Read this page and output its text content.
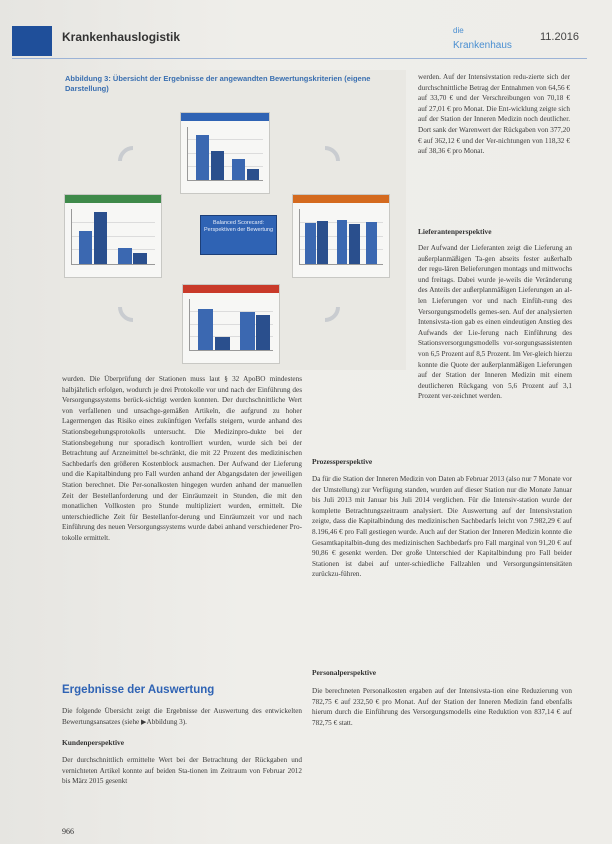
Krankenhauslogistik	die
Krankenhaus
11.2016
Abbildung 3: Übersicht der Ergebnisse der angewandten Bewertungskriterien (eigene Darstellung)
Balanced Scorecard: Perspektiven der Bewertung
werden. Auf der Intensivstation redu-zierte sich der durchschnittliche Betrag der Entnahmen von 64,56 € auf 33,70 € und der Verschreibungen von 70,18 € auf 27,01 € pro Monat. Die Ent-wicklung zeigte sich auf der Station der Inneren Medizin noch deutlicher. Dort sank der Warenwert der Rückgaben von 377,20 € auf 362,12 € und der Ver-nichtungen von 118,32 € auf 38,36 € pro Monat.
Lieferantenperspektive
Der Aufwand der Lieferanten zeigt die Lieferung an außerplanmäßigen Ta-gen abseits fester außerhalb der regu-lären Belieferungen montags und mittwochs und freitags. Dabei wurde je-weils die Veränderung des Anteils der außerplanmäßigen Lieferungen an al-len Lieferungen vor und nach Einfüh-rung des Versorgungsmodells gemes-sen. Auf der analysierten Intensivsta-tion gab es einen eindeutigen Anstieg des Aufwands der Lie-ferung nach Einführung des Stationsversorgungsmodells vor-sorgungsassistenten von 6,5 Prozent auf 8,5 Prozent. Im Ver-gleich hierzu konnte die Quote der außerplanmäßigen Lieferungen auf der Station der Inneren Medizin mit einem deutlicheren Rückgang von 5,6 Prozent auf 3,1 Prozent ver-zeichnet werden.
wurden. Die Überprüfung der Stationen muss laut § 32 ApoBO mindestens halbjährlich erfolgen, wodurch je drei Protokolle vor und nach der Einführung des Versorgungssystems berück-sichtigt werden konnten. Der durchschnittliche Wert von verfallenen und unsachge-gemäßen Artikeln, die aufgrund zu hoher Lagermengen das Risiko eines zukünftigen Verfalls steigern, wurde anhand des Stationsbegehungsprotokolls untersucht. Die Medizinpro-dukte bei der Stationsbegehung nur sporadisch kontrolliert wurden, wurde sich bei der Betrachtung auf Arzneimittel be-schränkt, die mit 22 Prozent des medizinischen Sachbedarfs den größeren Kostenblock ausmachen. Der Aufwand der Lieferung und die Kapitalbindung pro Fall wurden anhand der Abgangsdaten der jeweiligen Station berechnet. Die Per-sonalkosten hingegen wurden anhand der manuellen Zeit der Bestellanforderung und der Einräumzeit in Stunden, die mit den monatlichen Vollkosten pro Stunde multipliziert wurden, ermittelt. Die unterschiedliche Zeit für Bestellanfor-derung und Einräumzeit vor und nach Einführung des neuen Versorgungssystems wurde dabei anhand verschiedener Pro-tokolle ermittelt.
Prozessperspektive
Da für die Station der Inneren Medizin von Daten ab Februar 2013 (also nur 7 Monate vor der Umstellung) zur Verfügung standen, wurden auf dieser Station nur die Monate Januar bis Juli 2013 mit Januar bis Juli 2014 verglichen. Für die Intensiv-station wurde der komplette Betrachtungszeitraum analysiert. Die Auswertung auf der Intensivstation zeigte, dass die Kapitalbindung des medizinischen Sachbedarfs leicht von 7.982,29 € auf 8.196,46 € pro Fall gestiegen wurde. Auch auf der Station der Inneren Medizin konnte die Gesamtkapitalbin-dung des medizinischen Sachbedarfs pro Fall marginal von 91,20 € auf 90,86 € gesenkt werden. Der große Unterschied der Kapitalbindung pro Fall beider Stationen ist dabei auf unter-schiedliche Fallzahlen und Versorgungsintensitäten zurückzu-führen.
Personalperspektive
Die berechneten Personalkosten ergaben auf der Intensivsta-tion eine Reduzierung von 782,75 € auf 232,50 € pro Monat. Auf der Station der Inneren Medizin fand ebenfalls hierum durch die Einführung des Versorgungsmodells eine Reduktion von 837,14 € auf 782,75 € statt.
Ergebnisse der Auswertung
Die folgende Übersicht zeigt die Ergebnisse der Auswertung des entwickelten Bewertungsansatzes (siehe ▶Abbildung 3).
Kundenperspektive
Der durchschnittlich ermittelte Wert bei der Betrachtung der Rückgaben und vernichteten Artikel konnte auf beiden Sta-tionen im Zeitraum von Februar 2012 bis März 2015 gesenkt
966
